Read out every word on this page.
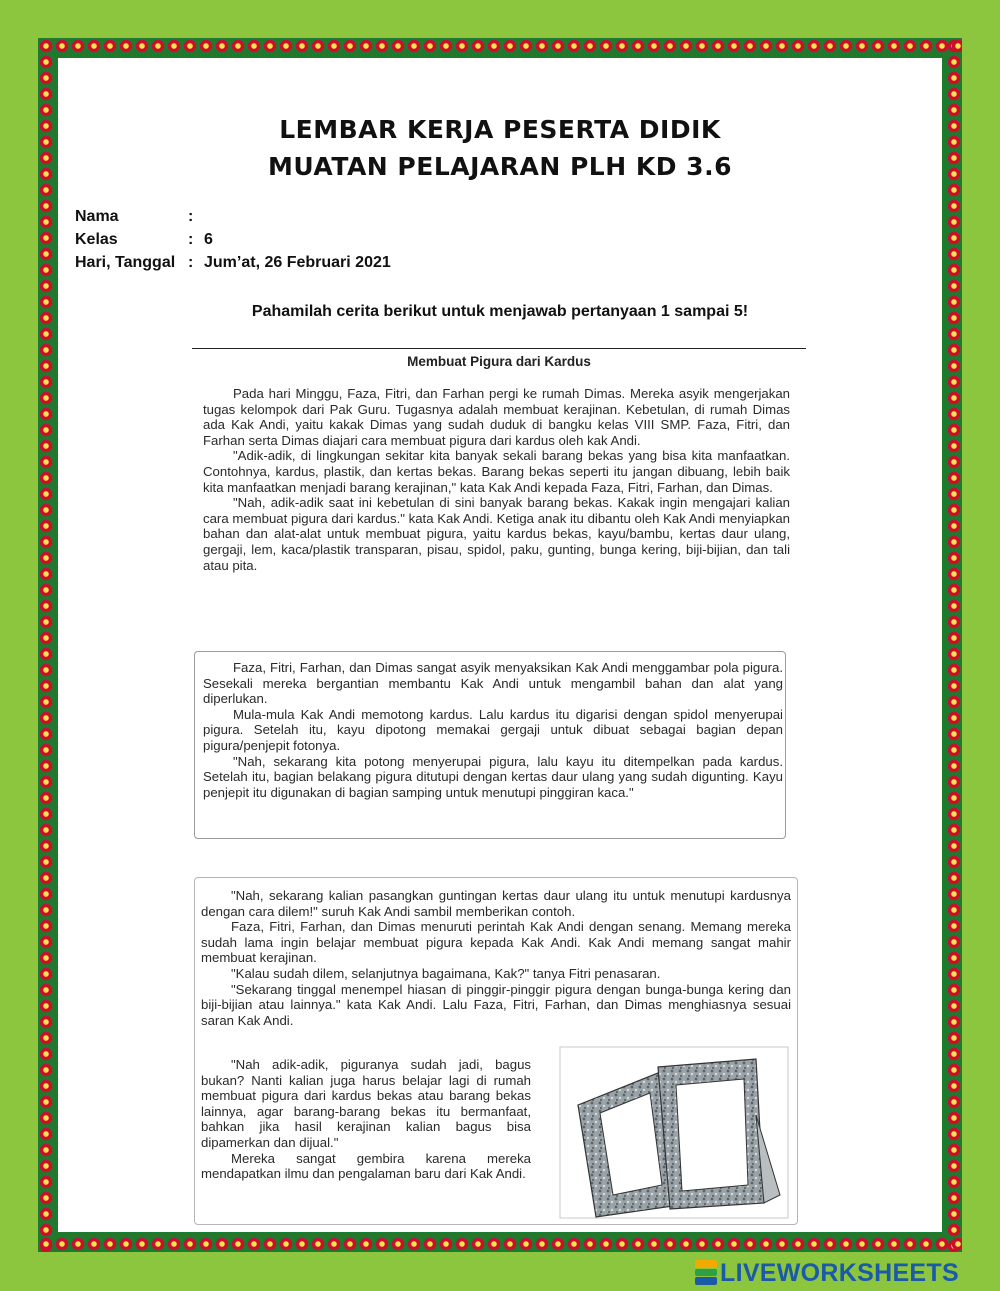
LEMBAR KERJA PESERTA DIDIK
MUATAN PELAJARAN PLH KD 3.6
Nama	:
Kelas	: 6
Hari, Tanggal : Jum’at, 26 Februari 2021
Pahamilah cerita berikut untuk menjawab pertanyaan 1 sampai 5!
Membuat Pigura dari Kardus

Pada hari Minggu, Faza, Fitri, dan Farhan pergi ke rumah Dimas. Mereka asyik mengerjakan tugas kelompok dari Pak Guru. Tugasnya adalah membuat kerajinan. Kebetulan, di rumah Dimas ada Kak Andi, yaitu kakak Dimas yang sudah duduk di bangku kelas VIII SMP. Faza, Fitri, dan Farhan serta Dimas diajari cara membuat pigura dari kardus oleh kak Andi.

"Adik-adik, di lingkungan sekitar kita banyak sekali barang bekas yang bisa kita manfaatkan. Contohnya, kardus, plastik, dan kertas bekas. Barang bekas seperti itu jangan dibuang, lebih baik kita manfaatkan menjadi barang kerajinan," kata Kak Andi kepada Faza, Fitri, Farhan, dan Dimas.

"Nah, adik-adik saat ini kebetulan di sini banyak barang bekas. Kakak ingin mengajari kalian cara membuat pigura dari kardus." kata Kak Andi. Ketiga anak itu dibantu oleh Kak Andi menyiapkan bahan dan alat-alat untuk membuat pigura, yaitu kardus bekas, kayu/bambu, kertas daur ulang, gergaji, lem, kaca/plastik transparan, pisau, spidol, paku, gunting, bunga kering, biji-bijian, dan tali atau pita.

Faza, Fitri, Farhan, dan Dimas sangat asyik menyaksikan Kak Andi menggambar pola pigura. Sesekali mereka bergantian membantu Kak Andi untuk mengambil bahan dan alat yang diperlukan.

Mula-mula Kak Andi memotong kardus. Lalu kardus itu digarisi dengan spidol menyerupai pigura. Setelah itu, kayu dipotong memakai gergaji untuk dibuat sebagai bagian depan pigura/penjepit fotonya.

"Nah, sekarang kita potong menyerupai pigura, lalu kayu itu ditempelkan pada kardus. Setelah itu, bagian belakang pigura ditutupi dengan kertas daur ulang yang sudah digunting. Kayu penjepit itu digunakan di bagian samping untuk menutupi pinggiran kaca."

"Nah, sekarang kalian pasangkan guntingan kertas daur ulang itu untuk menutupi kardusnya dengan cara dilem!" suruh Kak Andi sambil memberikan contoh.

Faza, Fitri, Farhan, dan Dimas menuruti perintah Kak Andi dengan senang. Memang mereka sudah lama ingin belajar membuat pigura kepada Kak Andi. Kak Andi memang sangat mahir membuat kerajinan.

"Kalau sudah dilem, selanjutnya bagaimana, Kak?" tanya Fitri penasaran.

"Sekarang tinggal menempel hiasan di pinggir-pinggir pigura dengan bunga-bunga kering dan biji-bijian atau lainnya." kata Kak Andi. Lalu Faza, Fitri, Farhan, dan Dimas menghiasnya sesuai saran Kak Andi.

"Nah adik-adik, piguranya sudah jadi, bagus bukan? Nanti kalian juga harus belajar lagi di rumah membuat pigura dari kardus bekas atau barang bekas lainnya, agar barang-barang bekas itu bermanfaat, bahkan jika hasil kerajinan kalian bagus bisa dipamerkan dan dijual."

Mereka sangat gembira karena mereka mendapatkan ilmu dan pengalaman baru dari Kak Andi.

LIVEWORKSHEETS
